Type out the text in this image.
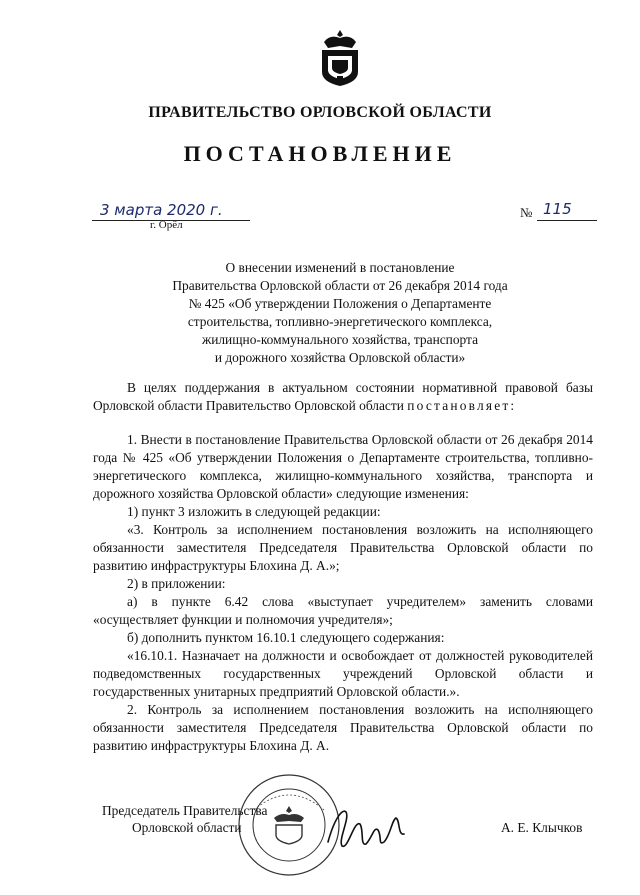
ПРАВИТЕЛЬСТВО ОРЛОВСКОЙ ОБЛАСТИ
ПОСТАНОВЛЕНИЕ
3 марта 2020 г.
г. Орёл
№ 115
О внесении изменений в постановление
Правительства Орловской области от 26 декабря 2014 года
№ 425 «Об утверждении Положения о Департаменте
строительства, топливно-энергетического комплекса,
жилищно-коммунального хозяйства, транспорта
и дорожного хозяйства Орловской области»

В целях поддержания в актуальном состоянии нормативной правовой базы Орловской области Правительство Орловской области постановляет:

1. Внести в постановление Правительства Орловской области от 26 декабря 2014 года № 425 «Об утверждении Положения о Департаменте строительства, топливно-энергетического комплекса, жилищно-коммунального хозяйства, транспорта и дорожного хозяйства Орловской области» следующие изменения:

1) пункт 3 изложить в следующей редакции:

«3. Контроль за исполнением постановления возложить на исполняющего обязанности заместителя Председателя Правительства Орловской области по развитию инфраструктуры Блохина Д. А.»;

2) в приложении:

а) в пункте 6.42 слова «выступает учредителем» заменить словами «осуществляет функции и полномочия учредителя»;

б) дополнить пунктом 16.10.1 следующего содержания:

«16.10.1. Назначает на должности и освобождает от должностей руководителей подведомственных государственных учреждений Орловской области и государственных унитарных предприятий Орловской области.».

2. Контроль за исполнением постановления возложить на исполняющего обязанности заместителя Председателя Правительства Орловской области по развитию инфраструктуры Блохина Д. А.

Председатель Правительства
Орловской области	А. Е. Клычков
